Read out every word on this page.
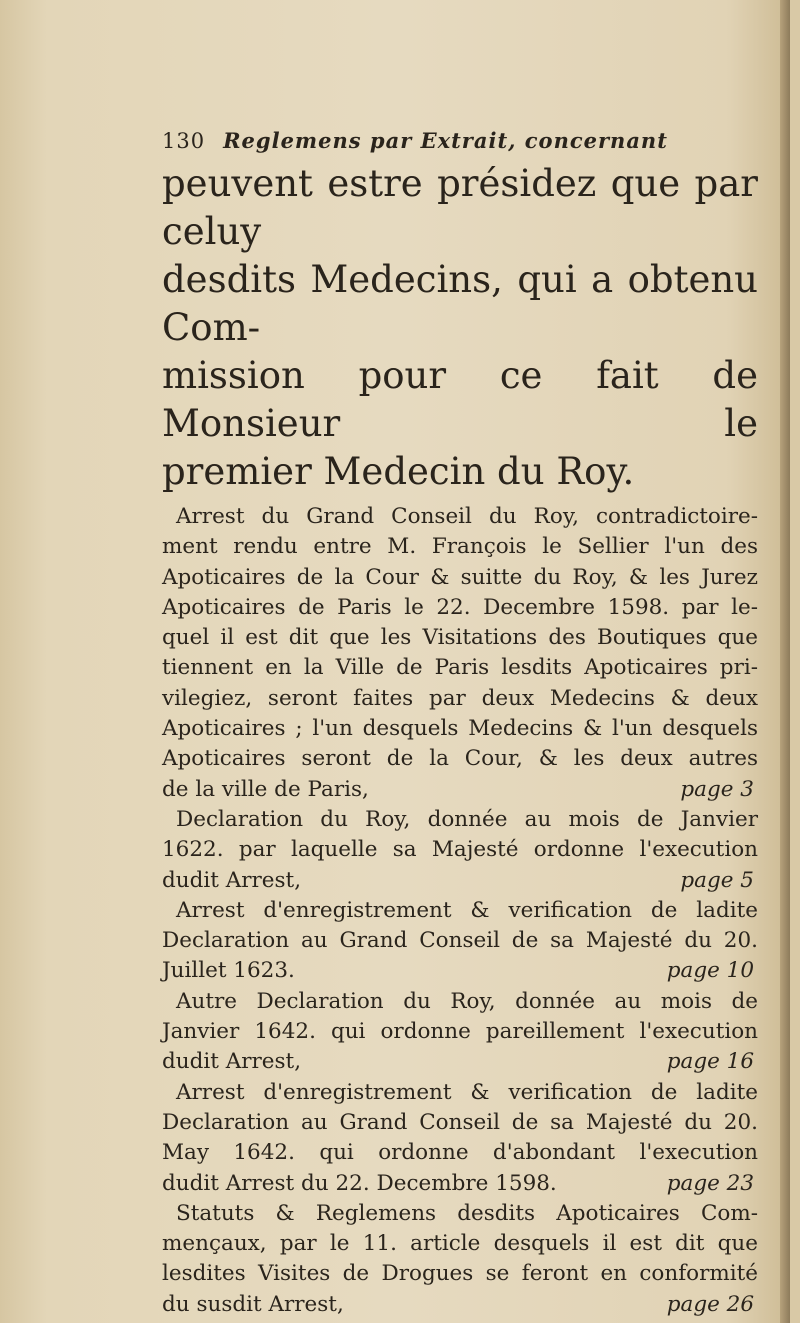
130 Reglemens par Extrait, concernant

peuvent estre présidez que par celuy

desdits Medecins, qui a obtenu Com-

mission pour ce fait de Monsieur le

premier Medecin du Roy.

Arrest du Grand Conseil du Roy, contradictoire-
ment rendu entre M. François le Sellier l'un des
Apoticaires de la Cour & suitte du Roy, & les Jurez
Apoticaires de Paris le 22. Decembre 1598. par le-
quel il est dit que les Visitations des Boutiques que
tiennent en la Ville de Paris lesdits Apoticaires pri-
vilegiez, seront faites par deux Medecins & deux
Apoticaires ; l'un desquels Medecins & l'un desquels
Apoticaires seront de la Cour, & les deux autres
de la ville de Paris,	page 3

Declaration du Roy, donnée au mois de Janvier
1622. par laquelle sa Majesté ordonne l'execution
dudit Arrest,	page 5

Arrest d'enregistrement & verification de ladite
Declaration au Grand Conseil de sa Majesté du 20.
Juillet 1623.	page 10

Autre Declaration du Roy, donnée au mois de
Janvier 1642. qui ordonne pareillement l'execution
dudit Arrest,	page 16

Arrest d'enregistrement & verification de ladite
Declaration au Grand Conseil de sa Majesté du 20.
May 1642. qui ordonne d'abondant l'execution
dudit Arrest du 22. Decembre 1598.	page 23

Statuts & Reglemens desdits Apoticaires Com-
mençaux, par le 11. article desquels il est dit que
lesdites Visites de Drogues se feront en conformité
du susdit Arrest,	page 26
